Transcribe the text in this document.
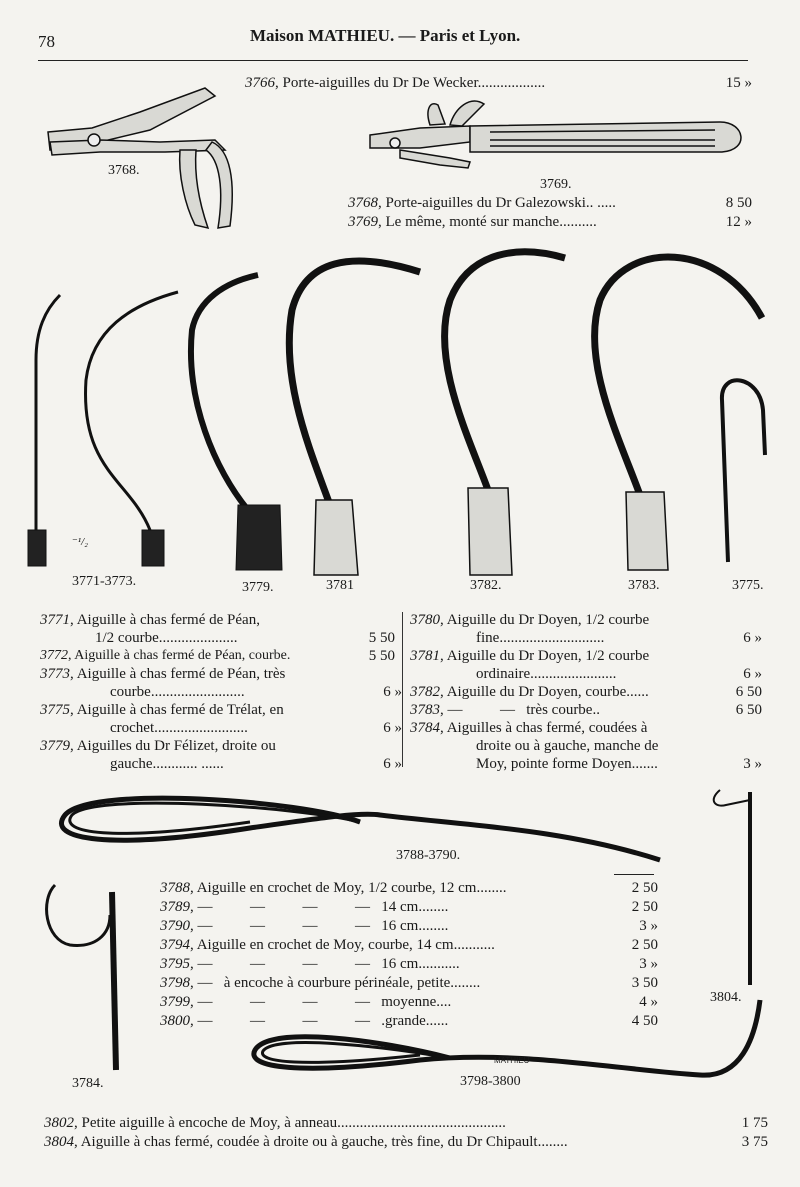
⁻¹/₂
78	Maison MATHIEU. — Paris et Lyon.
3766, Porte-aiguilles du Dr De Wecker..................	15 »
3768.
3769.
3768, Porte-aiguilles du Dr Galezowski.. .....	8 50
3769, Le même, monté sur manche..........	12 »
3771-3773.	3779.	3781	3782.	3783.	3775.
3771, Aiguille à chas fermé de Péan,
1/2 courbe.....................	5 50
3772, Aiguille à chas fermé de Péan, courbe.	5 50
3773, Aiguille à chas fermé de Péan, très
courbe.........................	6 »
3775, Aiguille à chas fermé de Trélat, en
crochet.........................	6 »
3779, Aiguilles du Dr Félizet, droite ou
gauche............ ......	6 »
3780, Aiguille du Dr Doyen, 1/2 courbe
fine............................	6 »
3781, Aiguille du Dr Doyen, 1/2 courbe
ordinaire.......................	6 »
3782, Aiguille du Dr Doyen, courbe......	6 50
3783, —          —   très courbe..	6 50
3784, Aiguilles à chas fermé, coudées à
droite ou à gauche, manche de
Moy, pointe forme Doyen.......	3 »
3788-3790.
3788, Aiguille en crochet de Moy, 1/2 courbe, 12 cm........	2 50
3789, —          —          —          —   14 cm........	2 50
3790, —          —          —          —   16 cm........	3 »
3794, Aiguille en crochet de Moy, courbe, 14 cm...........	2 50
3795, —          —          —          —   16 cm...........	3 »
3798, —   à encoche à courbure périnéale, petite........	3 50
3799, —          —          —          —   moyenne....	4 »
3800, —          —          —          —   .grande......	4 50
3804.
3784.	3798-3800
MATHIEU
3802, Petite aiguille à encoche de Moy, à anneau.............................................	1 75
3804, Aiguille à chas fermé, coudée à droite ou à gauche, très fine, du Dr Chipault........	3 75
